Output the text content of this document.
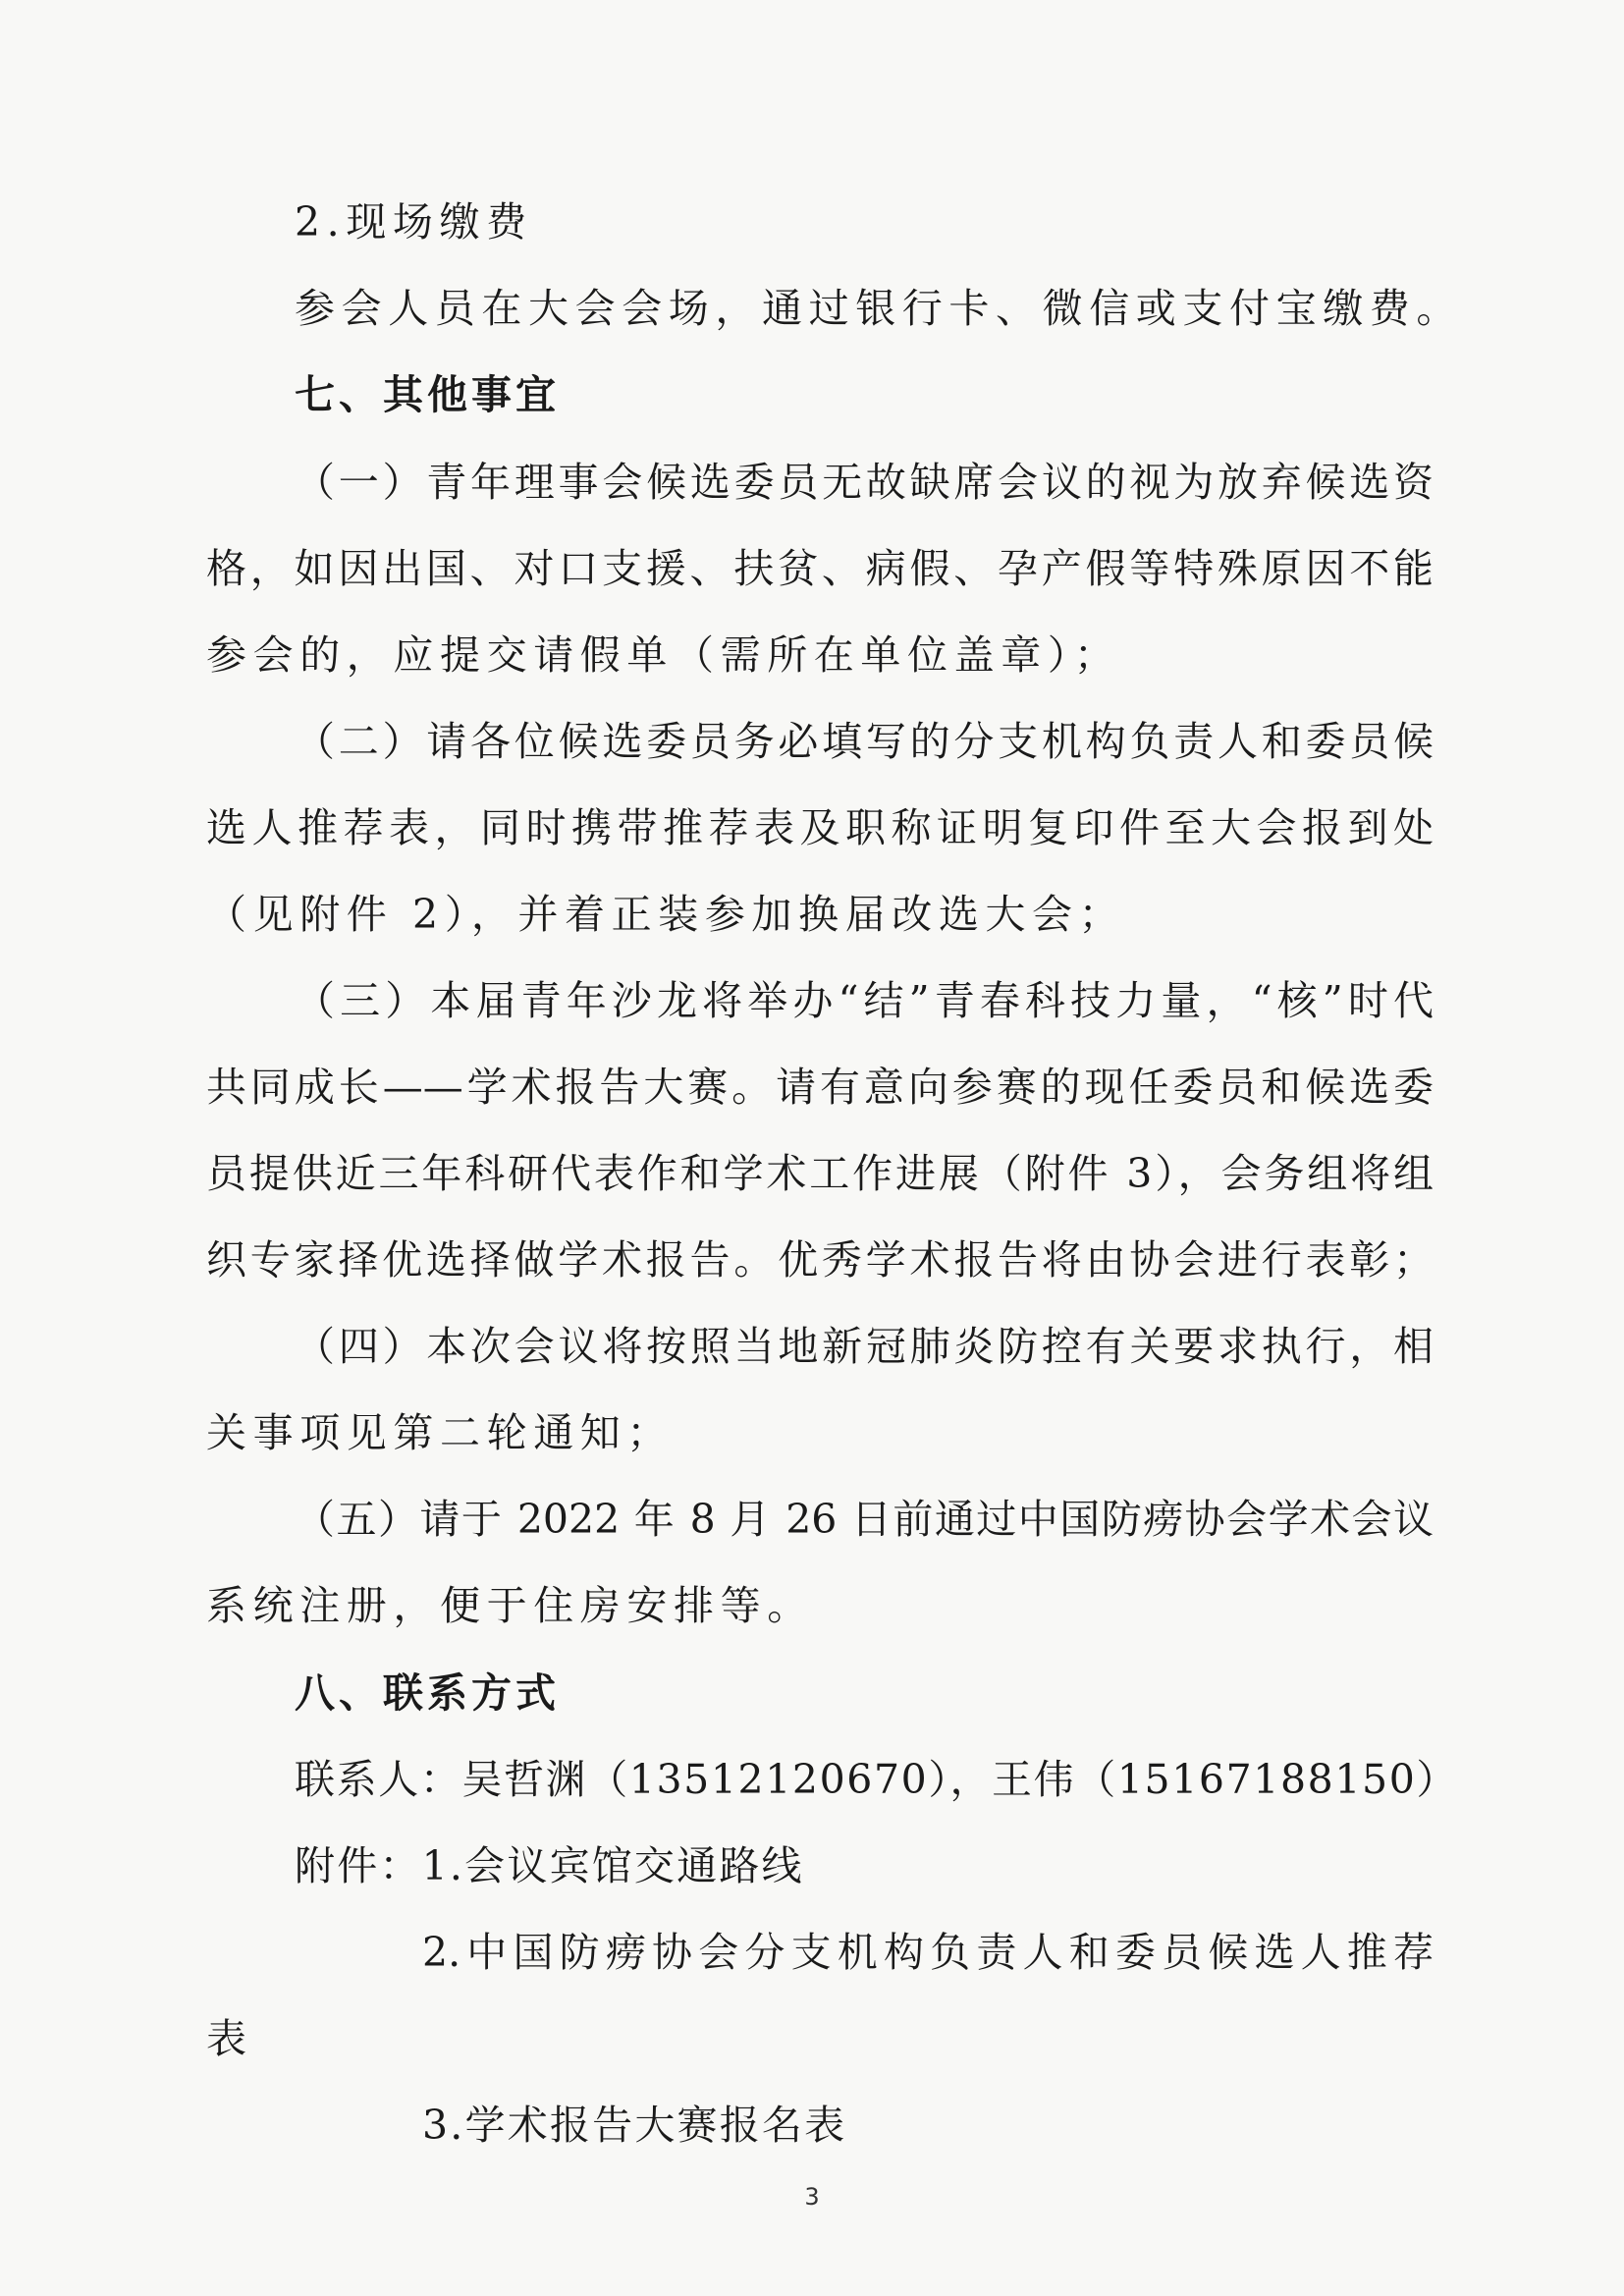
2.现场缴费
参会人员在大会会场，通过银行卡、微信或支付宝缴费。
七、其他事宜
（一）青年理事会候选委员无故缺席会议的视为放弃候选资
格，如因出国、对口支援、扶贫、病假、孕产假等特殊原因不能
参会的，应提交请假单（需所在单位盖章）；
（二）请各位候选委员务必填写的分支机构负责人和委员候
选人推荐表，同时携带推荐表及职称证明复印件至大会报到处
（见附件 2），并着正装参加换届改选大会；
（三）本届青年沙龙将举办“结”青春科技力量，“核”时代
共同成长——学术报告大赛。请有意向参赛的现任委员和候选委
员提供近三年科研代表作和学术工作进展（附件 3），会务组将组
织专家择优选择做学术报告。优秀学术报告将由协会进行表彰；
（四）本次会议将按照当地新冠肺炎防控有关要求执行，相
关事项见第二轮通知；
（五）请于 2022 年 8 月 26 日前通过中国防痨协会学术会议
系统注册，便于住房安排等。
八、联系方式
联系人：吴哲渊（13512120670），王伟（15167188150）
附件：1.会议宾馆交通路线
2.中国防痨协会分支机构负责人和委员候选人推荐
表
3.学术报告大赛报名表
3
